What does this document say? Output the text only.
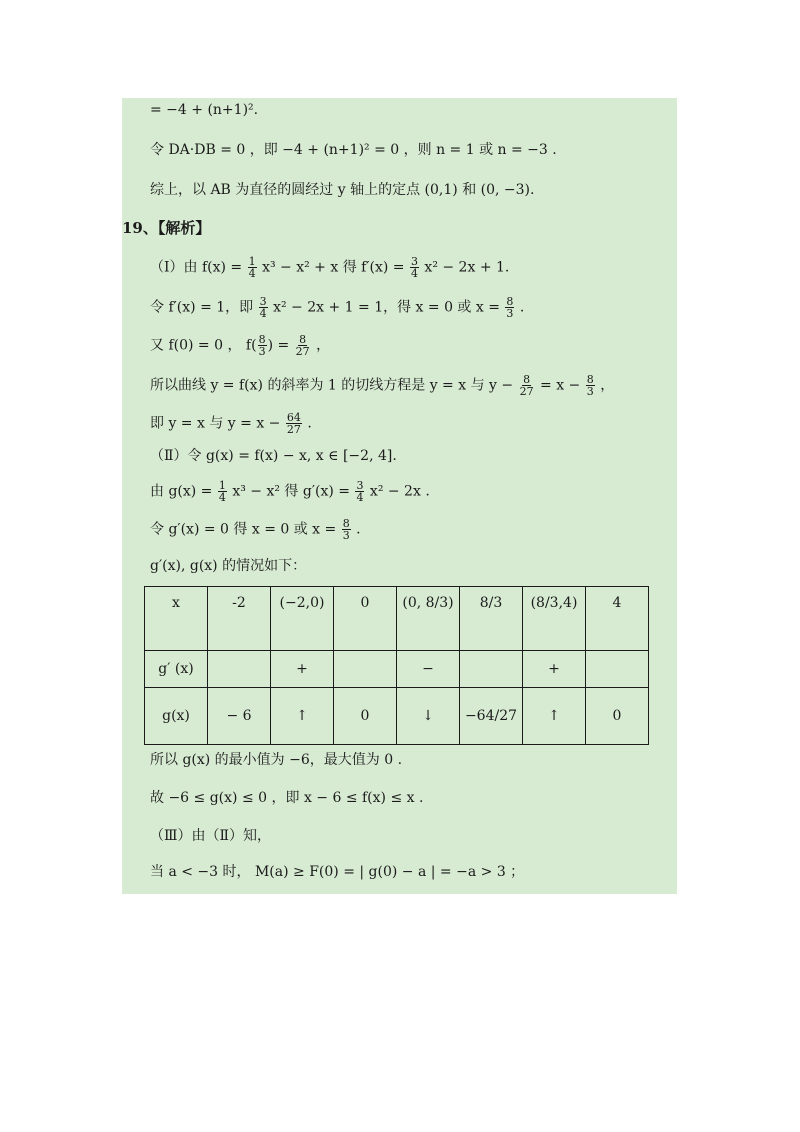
= −4 + (n+1)².
令 DA·DB = 0 ，即 −4 + (n+1)² = 0 ，则 n = 1 或 n = −3 .
综上，以 AB 为直径的圆经过 y 轴上的定点 (0,1) 和 (0, −3).
19、【解析】
（Ⅰ）由 $f(x) = \frac{1}{4} x^3 - x^2 + x$ 得 $f'(x) = \frac{3}{4} x^2 - 2x + 1$.
令 f′(x) = 1，即 $\frac{3}{4} x^2 - 2x + 1 = 1$，得 x = 0 或 $x = \frac{8}{3}$ .
又 f(0) = 0 ， $f( \frac{8}{3}$ ) = $\frac{8}{27}$ ，
所以曲线 y = f(x) 的斜率为 1 的切线方程是 y = x 与 $y - \frac{8}{27} = x - \frac{8}{3}$ ，
即 y = x 与 $y = x - \frac{64}{27}$ .
（Ⅱ）令 g(x) = f(x) − x, x ∈ [−2, 4].
由 $g(x) = \frac{1}{4} x^3 - x^2$ 得 $g'(x) = \frac{3}{4} x^2 - 2x$ .
令 g′(x) = 0 得 x = 0 或 $x = \frac{8}{3}$ .
g′(x), g(x) 的情况如下：
x	-2	(−2,0)	0	(0, 8/3)	8/3	(8/3,4)	4
g′ (x)		+		−		+	
g(x)	− 6	↑	0	↓	−64/27	↑	0
所以 g(x) 的最小值为 −6，最大值为 0 .
故 −6 ≤ g(x) ≤ 0 ，即 x − 6 ≤ f(x) ≤ x .
（Ⅲ）由（Ⅱ）知，
当 a < −3 时， M(a) ≥ F(0) = | g(0) − a | = −a > 3 ；
